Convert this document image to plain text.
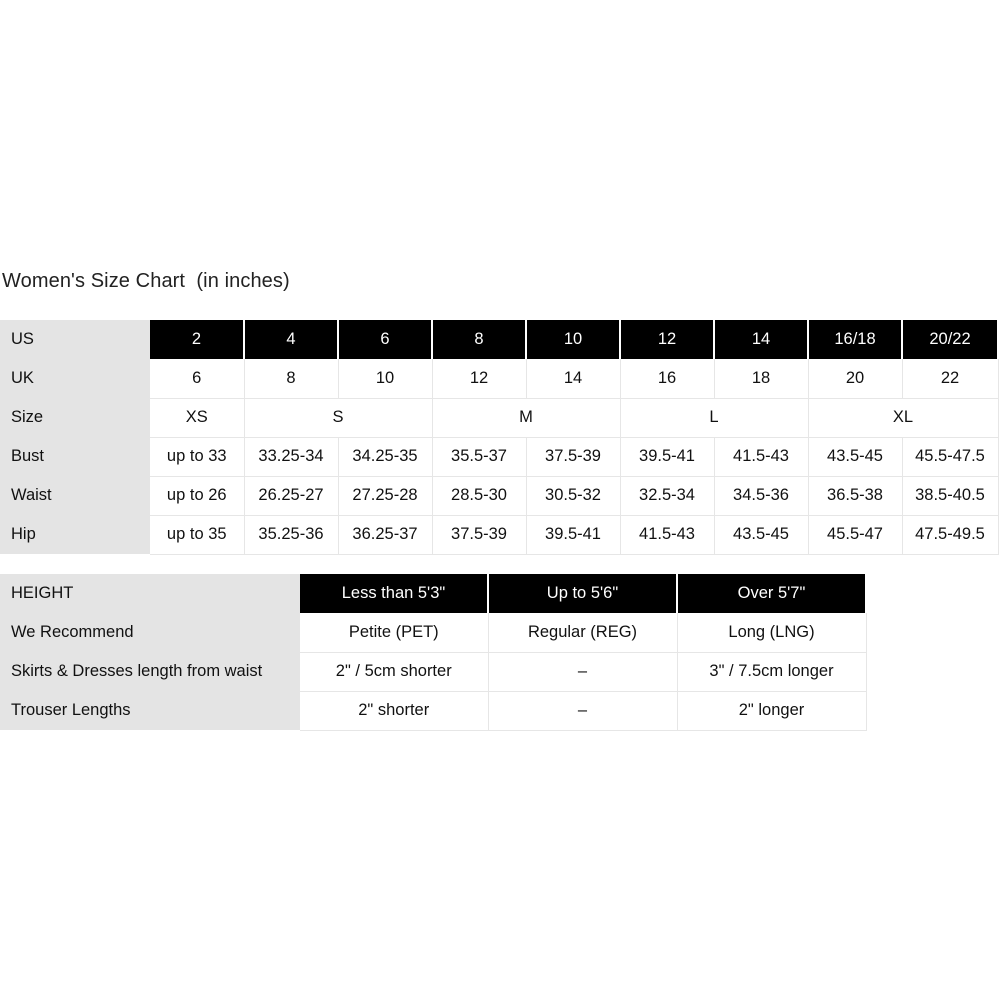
Women's Size Chart  (in inches)
US	2	4	6	8	10	12	14	16/18	20/22
UK	6	8	10	12	14	16	18	20	22
Size	XS	S		M		L		XL	
Bust	up to 33	33.25-34	34.25-35	35.5-37	37.5-39	39.5-41	41.5-43	43.5-45	45.5-47.5
Waist	up to 26	26.25-27	27.25-28	28.5-30	30.5-32	32.5-34	34.5-36	36.5-38	38.5-40.5
Hip	up to 35	35.25-36	36.25-37	37.5-39	39.5-41	41.5-43	43.5-45	45.5-47	47.5-49.5
HEIGHT	Less than 5'3"	Up to 5'6"	Over 5'7"
We Recommend	Petite (PET)	Regular (REG)	Long (LNG)
Skirts & Dresses length from waist	2" / 5cm shorter	–	3" / 7.5cm longer
Trouser Lengths	2" shorter	–	2" longer
